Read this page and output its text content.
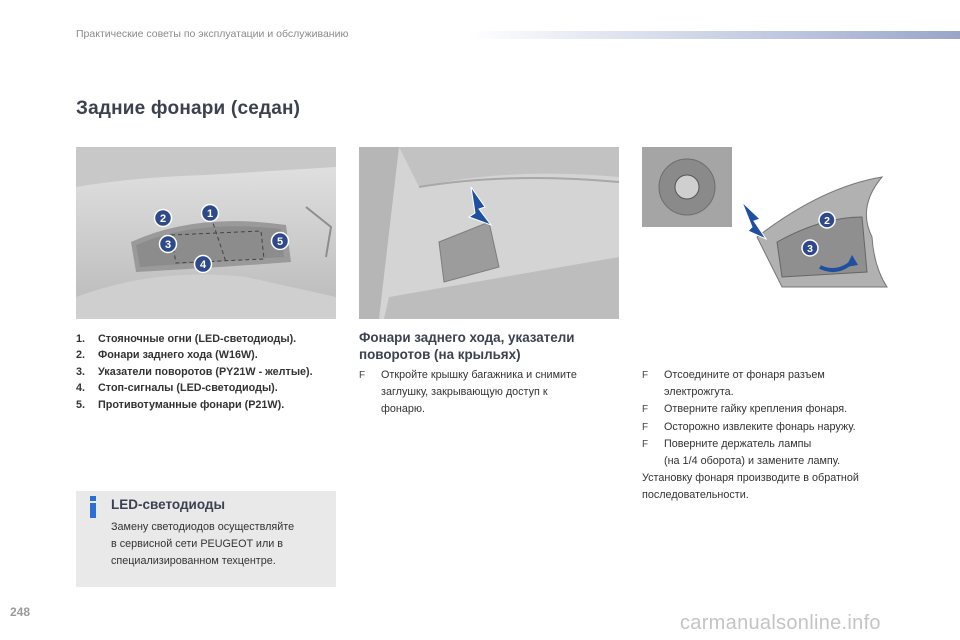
Практические советы по эксплуатации и обслуживанию
Задние фонари (седан)
2	1
3	5
4
2
3
1. Стояночные огни (LED-светодиоды).
2. Фонари заднего хода (W16W).
3. Указатели поворотов (PY21W - желтые).
4. Стоп-сигналы (LED-светодиоды).
5. Противотуманные фонари (P21W).
Фонари заднего хода, указатели
поворотов (на крыльях)
F Откройте крышку багажника и снимите
заглушку, закрывающую доступ к
фонарю.
F Отсоедините от фонаря разъем
электрожгута.
F Отверните гайку крепления фонаря.
F Осторожно извлеките фонарь наружу.
F Поверните держатель лампы
(на 1/4 оборота) и замените лампу.
Установку фонаря производите в обратной
последовательности.
LED-светодиоды
Замену светодиодов осуществляйте
в сервисной сети PEUGEOT или в
специализированном техцентре.
248	carmanualsonline.info
